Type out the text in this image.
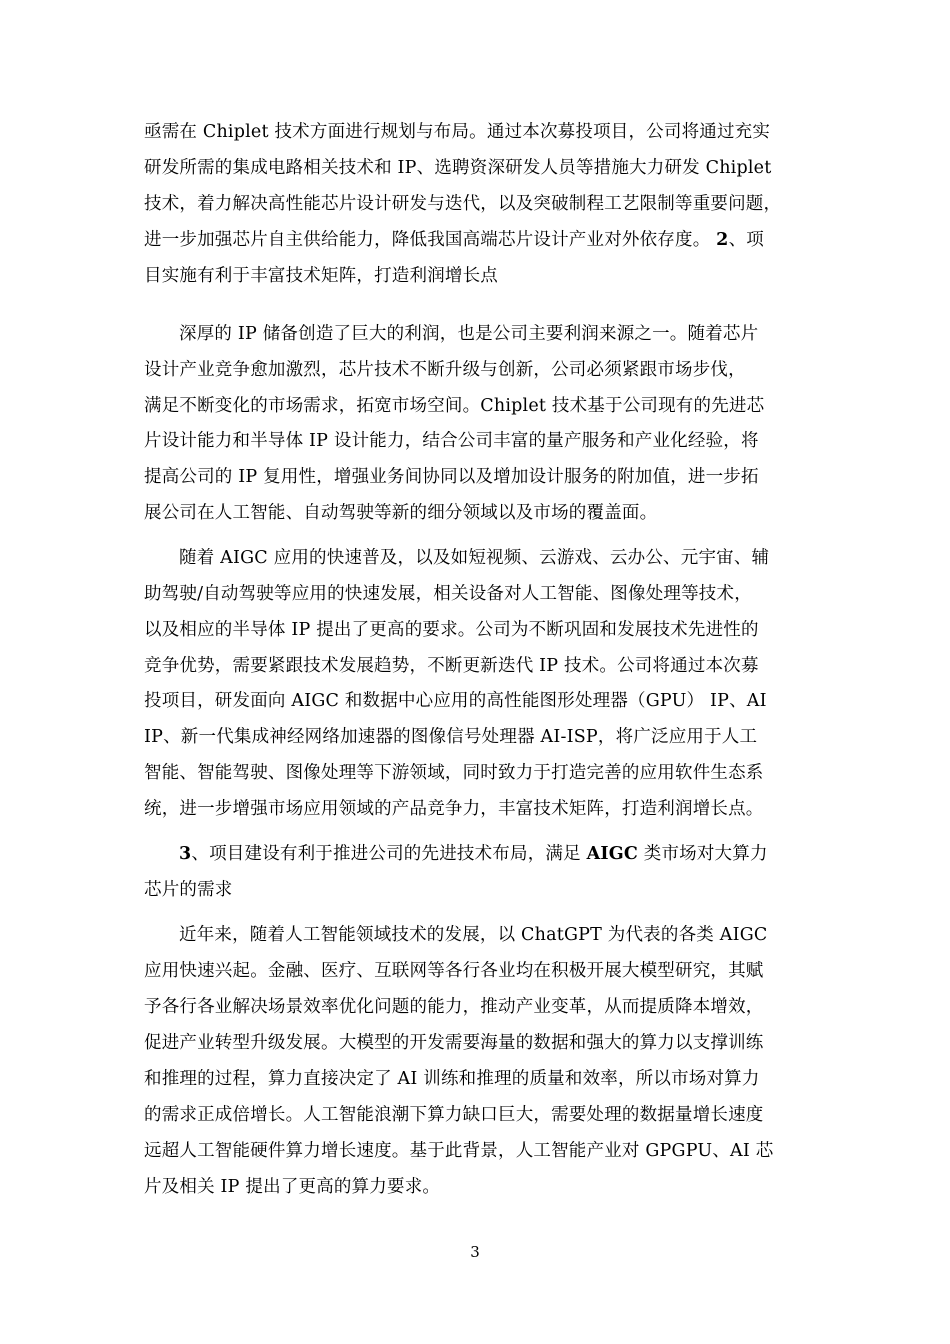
亟需在 Chiplet 技术方面进行规划与布局。通过本次募投项目，公司将通过充实
研发所需的集成电路相关技术和 IP、选聘资深研发人员等措施大力研发 Chiplet
技术，着力解决高性能芯片设计研发与迭代，以及突破制程工艺限制等重要问题，
进一步加强芯片自主供给能力，降低我国高端芯片设计产业对外依存度。 2、项
目实施有利于丰富技术矩阵，打造利润增长点
深厚的 IP 储备创造了巨大的利润，也是公司主要利润来源之一。随着芯片
设计产业竞争愈加激烈，芯片技术不断升级与创新，公司必须紧跟市场步伐，
满足不断变化的市场需求，拓宽市场空间。Chiplet 技术基于公司现有的先进芯
片设计能力和半导体 IP 设计能力，结合公司丰富的量产服务和产业化经验，将
提高公司的 IP 复用性，增强业务间协同以及增加设计服务的附加值，进一步拓
展公司在人工智能、自动驾驶等新的细分领域以及市场的覆盖面。
随着 AIGC 应用的快速普及，以及如短视频、云游戏、云办公、元宇宙、辅
助驾驶/自动驾驶等应用的快速发展，相关设备对人工智能、图像处理等技术，
以及相应的半导体 IP 提出了更高的要求。公司为不断巩固和发展技术先进性的
竞争优势，需要紧跟技术发展趋势，不断更新迭代 IP 技术。公司将通过本次募
投项目，研发面向 AIGC 和数据中心应用的高性能图形处理器（GPU） IP、AI
IP、新一代集成神经网络加速器的图像信号处理器 AI-ISP，将广泛应用于人工
智能、智能驾驶、图像处理等下游领域，同时致力于打造完善的应用软件生态系
统，进一步增强市场应用领域的产品竞争力，丰富技术矩阵，打造利润增长点。
3、项目建设有利于推进公司的先进技术布局，满足 AIGC 类市场对大算力
芯片的需求
近年来，随着人工智能领域技术的发展，以 ChatGPT 为代表的各类 AIGC
应用快速兴起。金融、医疗、互联网等各行各业均在积极开展大模型研究，其赋
予各行各业解决场景效率优化问题的能力，推动产业变革，从而提质降本增效，
促进产业转型升级发展。大模型的开发需要海量的数据和强大的算力以支撑训练
和推理的过程，算力直接决定了 AI 训练和推理的质量和效率，所以市场对算力
的需求正成倍增长。人工智能浪潮下算力缺口巨大，需要处理的数据量增长速度
远超人工智能硬件算力增长速度。基于此背景，人工智能产业对 GPGPU、AI 芯
片及相关 IP 提出了更高的算力要求。
3
